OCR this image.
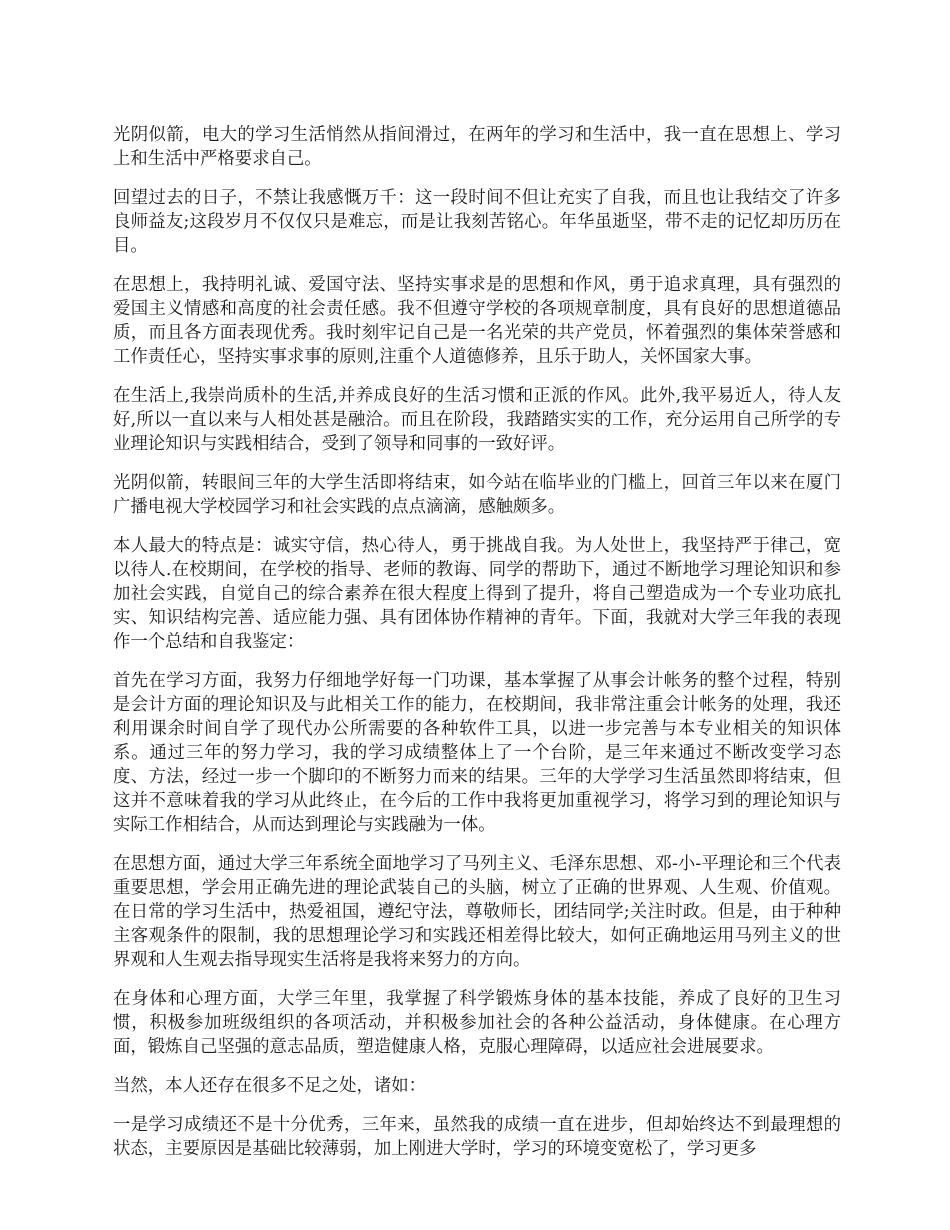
光阴似箭，电大的学习生活悄然从指间滑过，在两年的学习和生活中，我一直在思想上、学习上和生活中严格要求自己。

回望过去的日子，不禁让我感慨万千：这一段时间不但让充实了自我，而且也让我结交了许多良师益友;这段岁月不仅仅只是难忘，而是让我刻苦铭心。年华虽逝坚，带不走的记忆却历历在目。

在思想上，我持明礼诚、爱国守法、坚持实事求是的思想和作风，勇于追求真理，具有强烈的爱国主义情感和高度的社会责任感。我不但遵守学校的各项规章制度，具有良好的思想道德品质，而且各方面表现优秀。我时刻牢记自己是一名光荣的共产党员，怀着强烈的集体荣誉感和工作责任心，坚持实事求事的原则,注重个人道德修养，且乐于助人，关怀国家大事。

在生活上,我崇尚质朴的生活,并养成良好的生活习惯和正派的作风。此外,我平易近人，待人友好,所以一直以来与人相处甚是融洽。而且在阶段，我踏踏实实的工作，充分运用自己所学的专业理论知识与实践相结合，受到了领导和同事的一致好评。

光阴似箭，转眼间三年的大学生活即将结束，如今站在临毕业的门槛上，回首三年以来在厦门广播电视大学校园学习和社会实践的点点滴滴，感触颇多。

本人最大的特点是：诚实守信，热心待人，勇于挑战自我。为人处世上，我坚持严于律己，宽以待人.在校期间，在学校的指导、老师的教诲、同学的帮助下，通过不断地学习理论知识和参加社会实践，自觉自己的综合素养在很大程度上得到了提升，将自己塑造成为一个专业功底扎实、知识结构完善、适应能力强、具有团体协作精神的青年。下面，我就对大学三年我的表现作一个总结和自我鉴定：

首先在学习方面，我努力仔细地学好每一门功课，基本掌握了从事会计帐务的整个过程，特别是会计方面的理论知识及与此相关工作的能力，在校期间，我非常注重会计帐务的处理，我还利用课余时间自学了现代办公所需要的各种软件工具，以进一步完善与本专业相关的知识体系。通过三年的努力学习，我的学习成绩整体上了一个台阶，是三年来通过不断改变学习态度、方法，经过一步一个脚印的不断努力而来的结果。三年的大学学习生活虽然即将结束，但这并不意味着我的学习从此终止，在今后的工作中我将更加重视学习，将学习到的理论知识与实际工作相结合，从而达到理论与实践融为一体。

在思想方面，通过大学三年系统全面地学习了马列主义、毛泽东思想、邓-小-平理论和三个代表重要思想，学会用正确先进的理论武装自己的头脑，树立了正确的世界观、人生观、价值观。在日常的学习生活中，热爱祖国，遵纪守法，尊敬师长，团结同学;关注时政。但是，由于种种主客观条件的限制，我的思想理论学习和实践还相差得比较大，如何正确地运用马列主义的世界观和人生观去指导现实生活将是我将来努力的方向。

在身体和心理方面，大学三年里，我掌握了科学锻炼身体的基本技能，养成了良好的卫生习惯，积极参加班级组织的各项活动，并积极参加社会的各种公益活动，身体健康。在心理方面，锻炼自己坚强的意志品质，塑造健康人格，克服心理障碍，以适应社会进展要求。

当然，本人还存在很多不足之处，诸如：

一是学习成绩还不是十分优秀，三年来，虽然我的成绩一直在进步，但却始终达不到最理想的状态，主要原因是基础比较薄弱，加上刚进大学时，学习的环境变宽松了，学习更多
